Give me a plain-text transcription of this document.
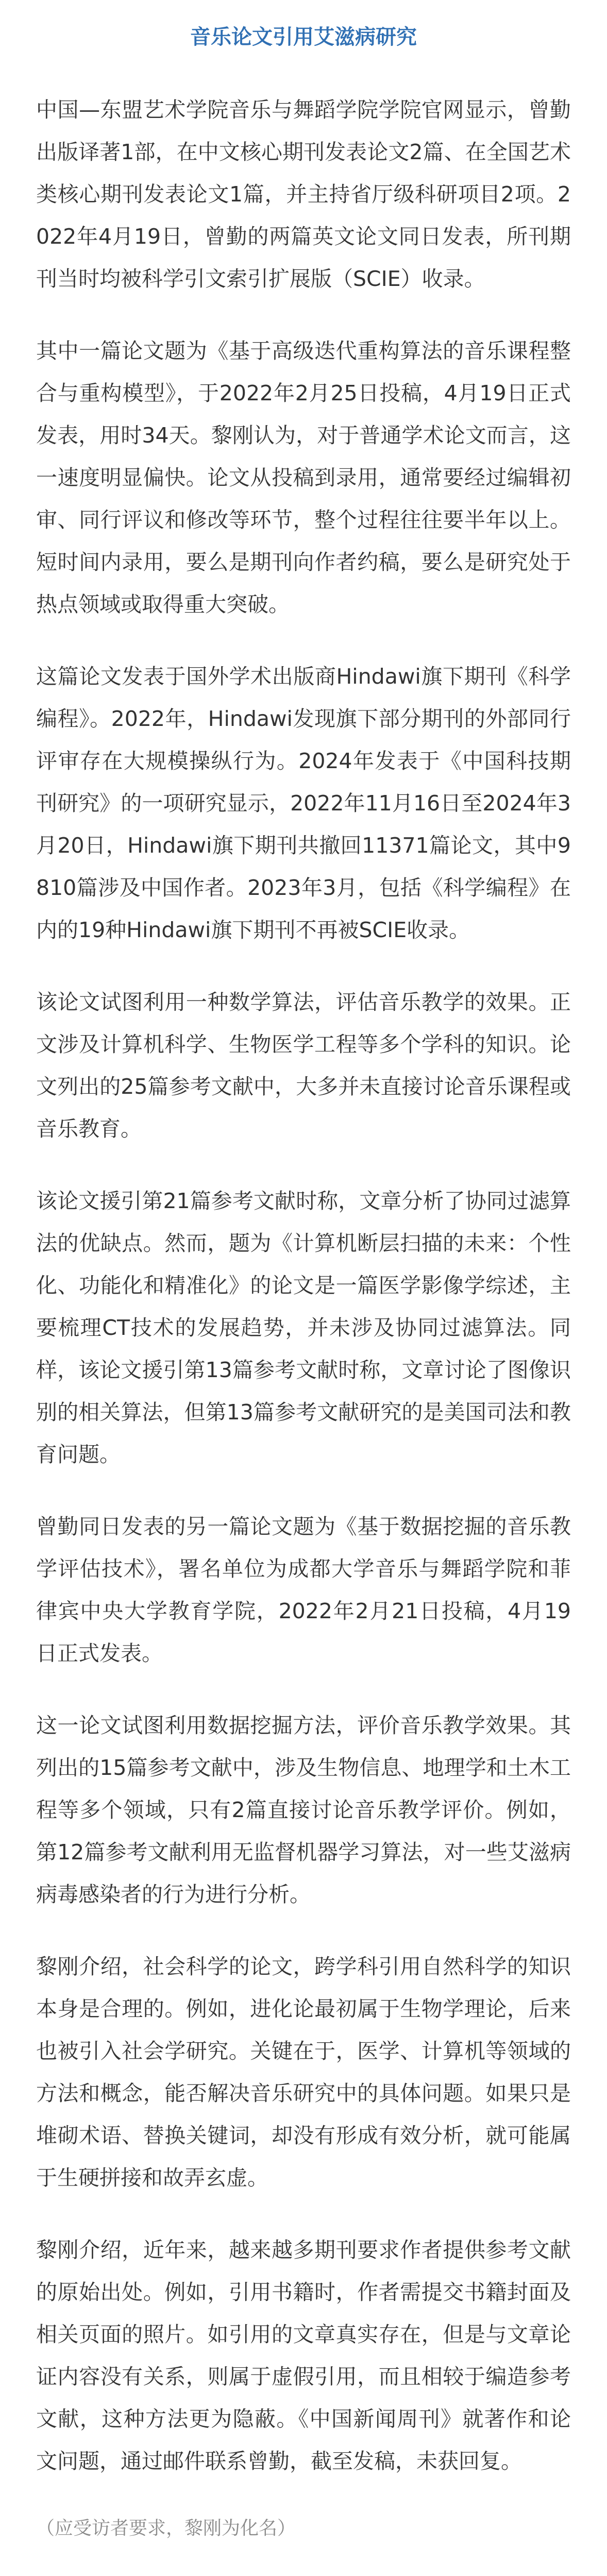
音乐论文引用艾滋病研究

中国—东盟艺术学院音乐与舞蹈学院学院官网显示，曾勤出版译著1部，在中文核心期刊发表论文2篇、在全国艺术类核心期刊发表论文1篇，并主持省厅级科研项目2项。2022年4月19日，曾勤的两篇英文论文同日发表，所刊期刊当时均被科学引文索引扩展版（SCIE）收录。

其中一篇论文题为《基于高级迭代重构算法的音乐课程整合与重构模型》，于2022年2月25日投稿，4月19日正式发表，用时34天。黎刚认为，对于普通学术论文而言，这一速度明显偏快。论文从投稿到录用，通常要经过编辑初审、同行评议和修改等环节，整个过程往往要半年以上。短时间内录用，要么是期刊向作者约稿，要么是研究处于热点领域或取得重大突破。

这篇论文发表于国外学术出版商Hindawi旗下期刊《科学编程》。2022年，Hindawi发现旗下部分期刊的外部同行评审存在大规模操纵行为。2024年发表于《中国科技期刊研究》的一项研究显示，2022年11月16日至2024年3月20日，Hindawi旗下期刊共撤回11371篇论文，其中9810篇涉及中国作者。2023年3月，包括《科学编程》在内的19种Hindawi旗下期刊不再被SCIE收录。

该论文试图利用一种数学算法，评估音乐教学的效果。正文涉及计算机科学、生物医学工程等多个学科的知识。论文列出的25篇参考文献中，大多并未直接讨论音乐课程或音乐教育。

该论文援引第21篇参考文献时称，文章分析了协同过滤算法的优缺点。然而，题为《计算机断层扫描的未来：个性化、功能化和精准化》的论文是一篇医学影像学综述，主要梳理CT技术的发展趋势，并未涉及协同过滤算法。同样，该论文援引第13篇参考文献时称，文章讨论了图像识别的相关算法，但第13篇参考文献研究的是美国司法和教育问题。

曾勤同日发表的另一篇论文题为《基于数据挖掘的音乐教学评估技术》，署名单位为成都大学音乐与舞蹈学院和菲律宾中央大学教育学院，2022年2月21日投稿，4月19日正式发表。

这一论文试图利用数据挖掘方法，评价音乐教学效果。其列出的15篇参考文献中，涉及生物信息、地理学和土木工程等多个领域，只有2篇直接讨论音乐教学评价。例如，第12篇参考文献利用无监督机器学习算法，对一些艾滋病病毒感染者的行为进行分析。

黎刚介绍，社会科学的论文，跨学科引用自然科学的知识本身是合理的。例如，进化论最初属于生物学理论，后来也被引入社会学研究。关键在于，医学、计算机等领域的方法和概念，能否解决音乐研究中的具体问题。如果只是堆砌术语、替换关键词，却没有形成有效分析，就可能属于生硬拼接和故弄玄虚。

黎刚介绍，近年来，越来越多期刊要求作者提供参考文献的原始出处。例如，引用书籍时，作者需提交书籍封面及相关页面的照片。如引用的文章真实存在，但是与文章论证内容没有关系，则属于虚假引用，而且相较于编造参考文献，这种方法更为隐蔽。《中国新闻周刊》就著作和论文问题，通过邮件联系曾勤，截至发稿，未获回复。

（应受访者要求，黎刚为化名）
